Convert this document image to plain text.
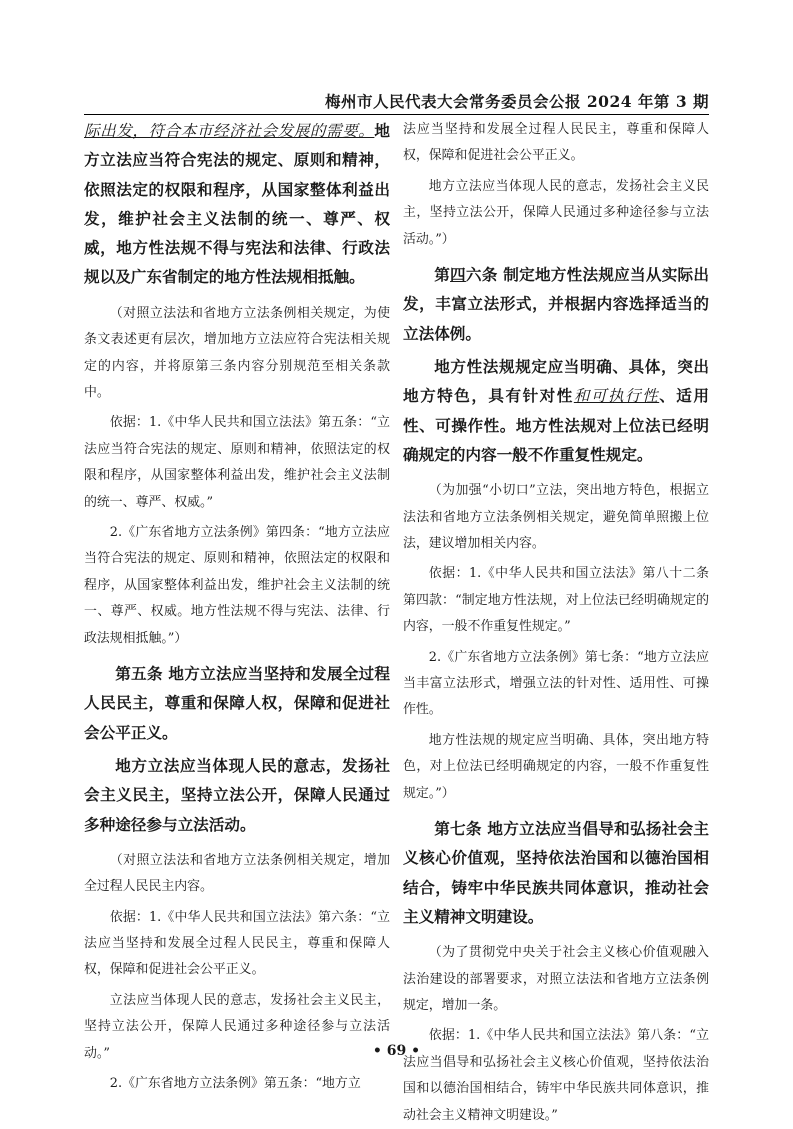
梅州市人民代表大会常务委员会公报 2024 年第 3 期

际出发，符合本市经济社会发展的需要。地方立法应当符合宪法的规定、原则和精神，依照法定的权限和程序，从国家整体利益出发，维护社会主义法制的统一、尊严、权威，地方性法规不得与宪法和法律、行政法规以及广东省制定的地方性法规相抵触。

（对照立法法和省地方立法条例相关规定，为使条文表述更有层次，增加地方立法应符合宪法相关规定的内容，并将原第三条内容分别规范至相关条款中。

依据：1.《中华人民共和国立法法》第五条：“立法应当符合宪法的规定、原则和精神，依照法定的权限和程序，从国家整体利益出发，维护社会主义法制的统一、尊严、权威。”

2.《广东省地方立法条例》第四条：“地方立法应当符合宪法的规定、原则和精神，依照法定的权限和程序，从国家整体利益出发，维护社会主义法制的统一、尊严、权威。地方性法规不得与宪法、法律、行政法规相抵触。”）

第五条 地方立法应当坚持和发展全过程人民民主，尊重和保障人权，保障和促进社会公平正义。

地方立法应当体现人民的意志，发扬社会主义民主，坚持立法公开，保障人民通过多种途径参与立法活动。

（对照立法法和省地方立法条例相关规定，增加全过程人民民主内容。

依据：1.《中华人民共和国立法法》第六条：“立法应当坚持和发展全过程人民民主，尊重和保障人权，保障和促进社会公平正义。

立法应当体现人民的意志，发扬社会主义民主，坚持立法公开，保障人民通过多种途径参与立法活动。”

2.《广东省地方立法条例》第五条：“地方立

法应当坚持和发展全过程人民民主，尊重和保障人权，保障和促进社会公平正义。

地方立法应当体现人民的意志，发扬社会主义民主，坚持立法公开，保障人民通过多种途径参与立法活动。”）

第四六条 制定地方性法规应当从实际出发，丰富立法形式，并根据内容选择适当的立法体例。

地方性法规规定应当明确、具体，突出地方特色，具有针对性和可执行性、适用性、可操作性。地方性法规对上位法已经明确规定的内容一般不作重复性规定。

（为加强“小切口”立法，突出地方特色，根据立法法和省地方立法条例相关规定，避免简单照搬上位法，建议增加相关内容。

依据：1.《中华人民共和国立法法》第八十二条第四款：“制定地方性法规，对上位法已经明确规定的内容，一般不作重复性规定。”

2.《广东省地方立法条例》第七条：“地方立法应当丰富立法形式，增强立法的针对性、适用性、可操作性。

地方性法规的规定应当明确、具体，突出地方特色，对上位法已经明确规定的内容，一般不作重复性规定。”）

第七条 地方立法应当倡导和弘扬社会主义核心价值观，坚持依法治国和以德治国相结合，铸牢中华民族共同体意识，推动社会主义精神文明建设。

（为了贯彻党中央关于社会主义核心价值观融入法治建设的部署要求，对照立法法和省地方立法条例规定，增加一条。

依据：1.《中华人民共和国立法法》第八条：“立法应当倡导和弘扬社会主义核心价值观，坚持依法治国和以德治国相结合，铸牢中华民族共同体意识，推动社会主义精神文明建设。”

• 69 •
